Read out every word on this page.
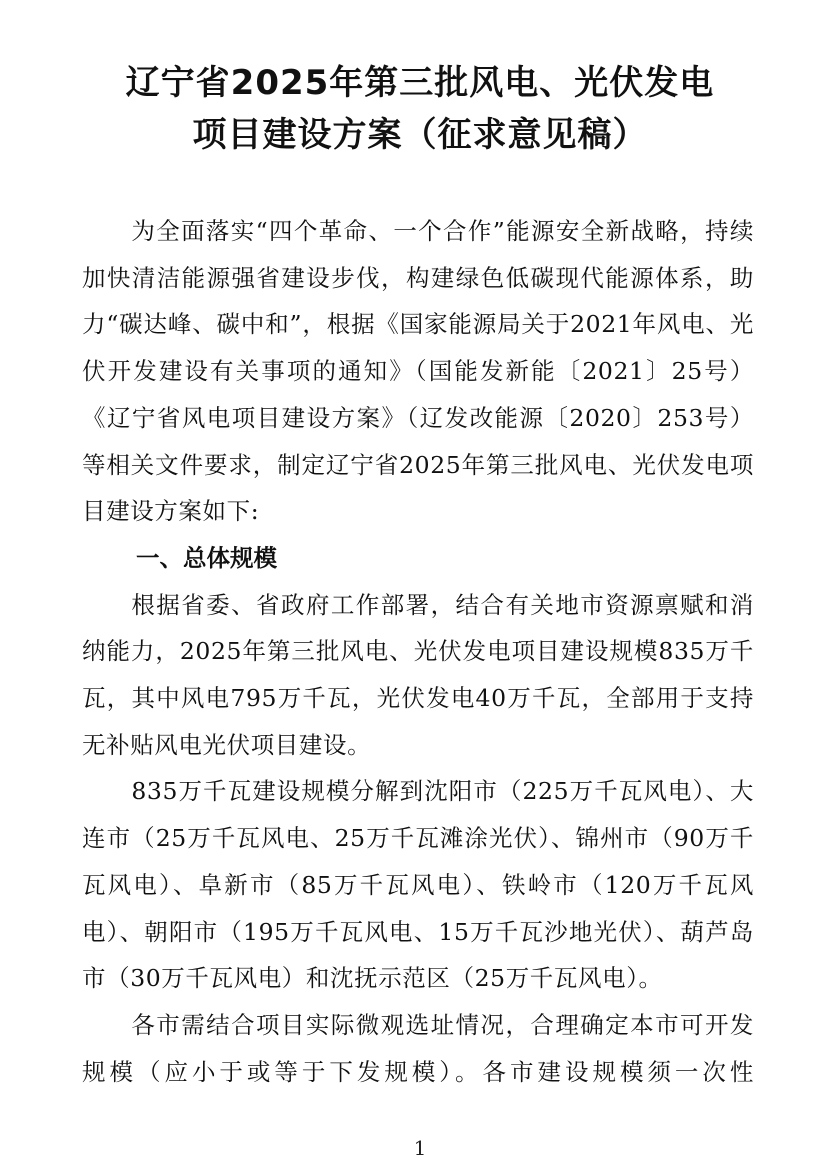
辽宁省2025年第三批风电、光伏发电
项目建设方案（征求意见稿）

为全面落实“四个革命、一个合作”能源安全新战略，持续加快清洁能源强省建设步伐，构建绿色低碳现代能源体系，助力“碳达峰、碳中和”，根据《国家能源局关于2021年风电、光伏开发建设有关事项的通知》（国能发新能〔2021〕25号）《辽宁省风电项目建设方案》（辽发改能源〔2020〕253号）等相关文件要求，制定辽宁省2025年第三批风电、光伏发电项目建设方案如下:

一、总体规模

根据省委、省政府工作部署，结合有关地市资源禀赋和消纳能力，2025年第三批风电、光伏发电项目建设规模835万千瓦，其中风电795万千瓦，光伏发电40万千瓦，全部用于支持无补贴风电光伏项目建设。

835万千瓦建设规模分解到沈阳市（225万千瓦风电）、大连市（25万千瓦风电、25万千瓦滩涂光伏）、锦州市（90万千瓦风电）、阜新市（85万千瓦风电）、铁岭市（120万千瓦风电）、朝阳市（195万千瓦风电、15万千瓦沙地光伏）、葫芦岛市（30万千瓦风电）和沈抚示范区（25万千瓦风电）。

各市需结合项目实际微观选址情况，合理确定本市可开发规模（应小于或等于下发规模）。各市建设规模须一次性

1
